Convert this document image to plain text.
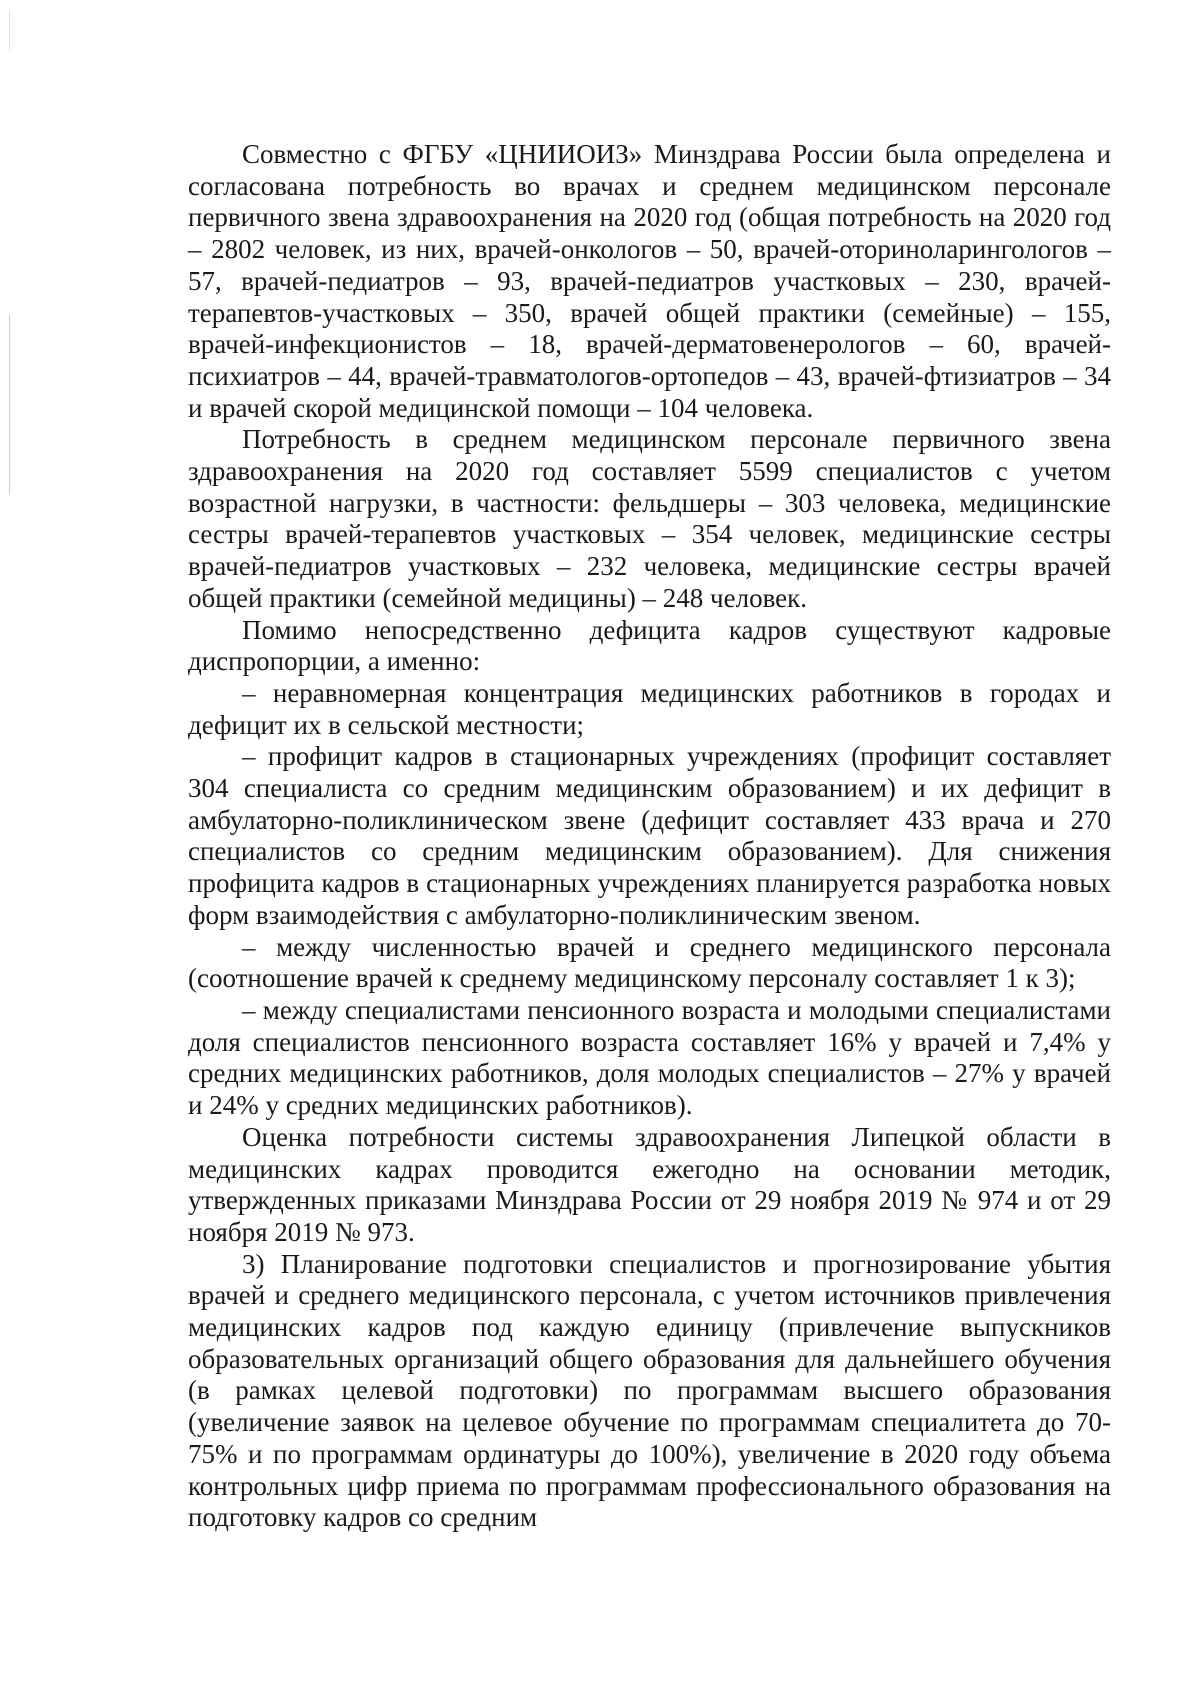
Совместно с ФГБУ «ЦНИИОИЗ» Минздрава России была определена и согласована потребность во врачах и среднем медицинском персонале первичного звена здравоохранения на 2020 год (общая потребность на 2020 год – 2802 человек, из них, врачей-онкологов – 50, врачей-оториноларингологов – 57, врачей-педиатров – 93, врачей-педиатров участковых – 230, врачей-терапевтов-участковых – 350, врачей общей практики (семейные) – 155, врачей-инфекционистов – 18, врачей-дерматовенерологов – 60, врачей-психиатров – 44, врачей-травматологов-ортопедов – 43, врачей-фтизиатров – 34 и врачей скорой медицинской помощи – 104 человека.

Потребность в среднем медицинском персонале первичного звена здравоохранения на 2020 год составляет 5599 специалистов с учетом возрастной нагрузки, в частности: фельдшеры – 303 человека, медицинские сестры врачей-терапевтов участковых – 354 человек, медицинские сестры врачей-педиатров участковых – 232 человека, медицинские сестры врачей общей практики (семейной медицины) – 248 человек.

Помимо непосредственно дефицита кадров существуют кадровые диспропорции, а именно:

– неравномерная концентрация медицинских работников в городах и дефицит их в сельской местности;

– профицит кадров в стационарных учреждениях (профицит составляет 304 специалиста со средним медицинским образованием) и их дефицит в амбулаторно-поликлиническом звене (дефицит составляет 433 врача и 270 специалистов со средним медицинским образованием). Для снижения профицита кадров в стационарных учреждениях планируется разработка новых форм взаимодействия с амбулаторно-поликлиническим звеном.

– между численностью врачей и среднего медицинского персонала (соотношение врачей к среднему медицинскому персоналу составляет 1 к 3);

– между специалистами пенсионного возраста и молодыми специалистами доля специалистов пенсионного возраста составляет 16% у врачей и 7,4% у средних медицинских работников, доля молодых специалистов – 27% у врачей и 24% у средних медицинских работников).

Оценка потребности системы здравоохранения Липецкой области в медицинских кадрах проводится ежегодно на основании методик, утвержденных приказами Минздрава России от 29 ноября 2019 № 974 и от 29 ноября 2019 № 973.

3) Планирование подготовки специалистов и прогнозирование убытия врачей и среднего медицинского персонала, с учетом источников привлечения медицинских кадров под каждую единицу (привлечение выпускников образовательных организаций общего образования для дальнейшего обучения (в рамках целевой подготовки) по программам высшего образования (увеличение заявок на целевое обучение по программам специалитета до 70-75% и по программам ординатуры до 100%), увеличение в 2020 году объема контрольных цифр приема по программам профессионального образования на подготовку кадров со средним
